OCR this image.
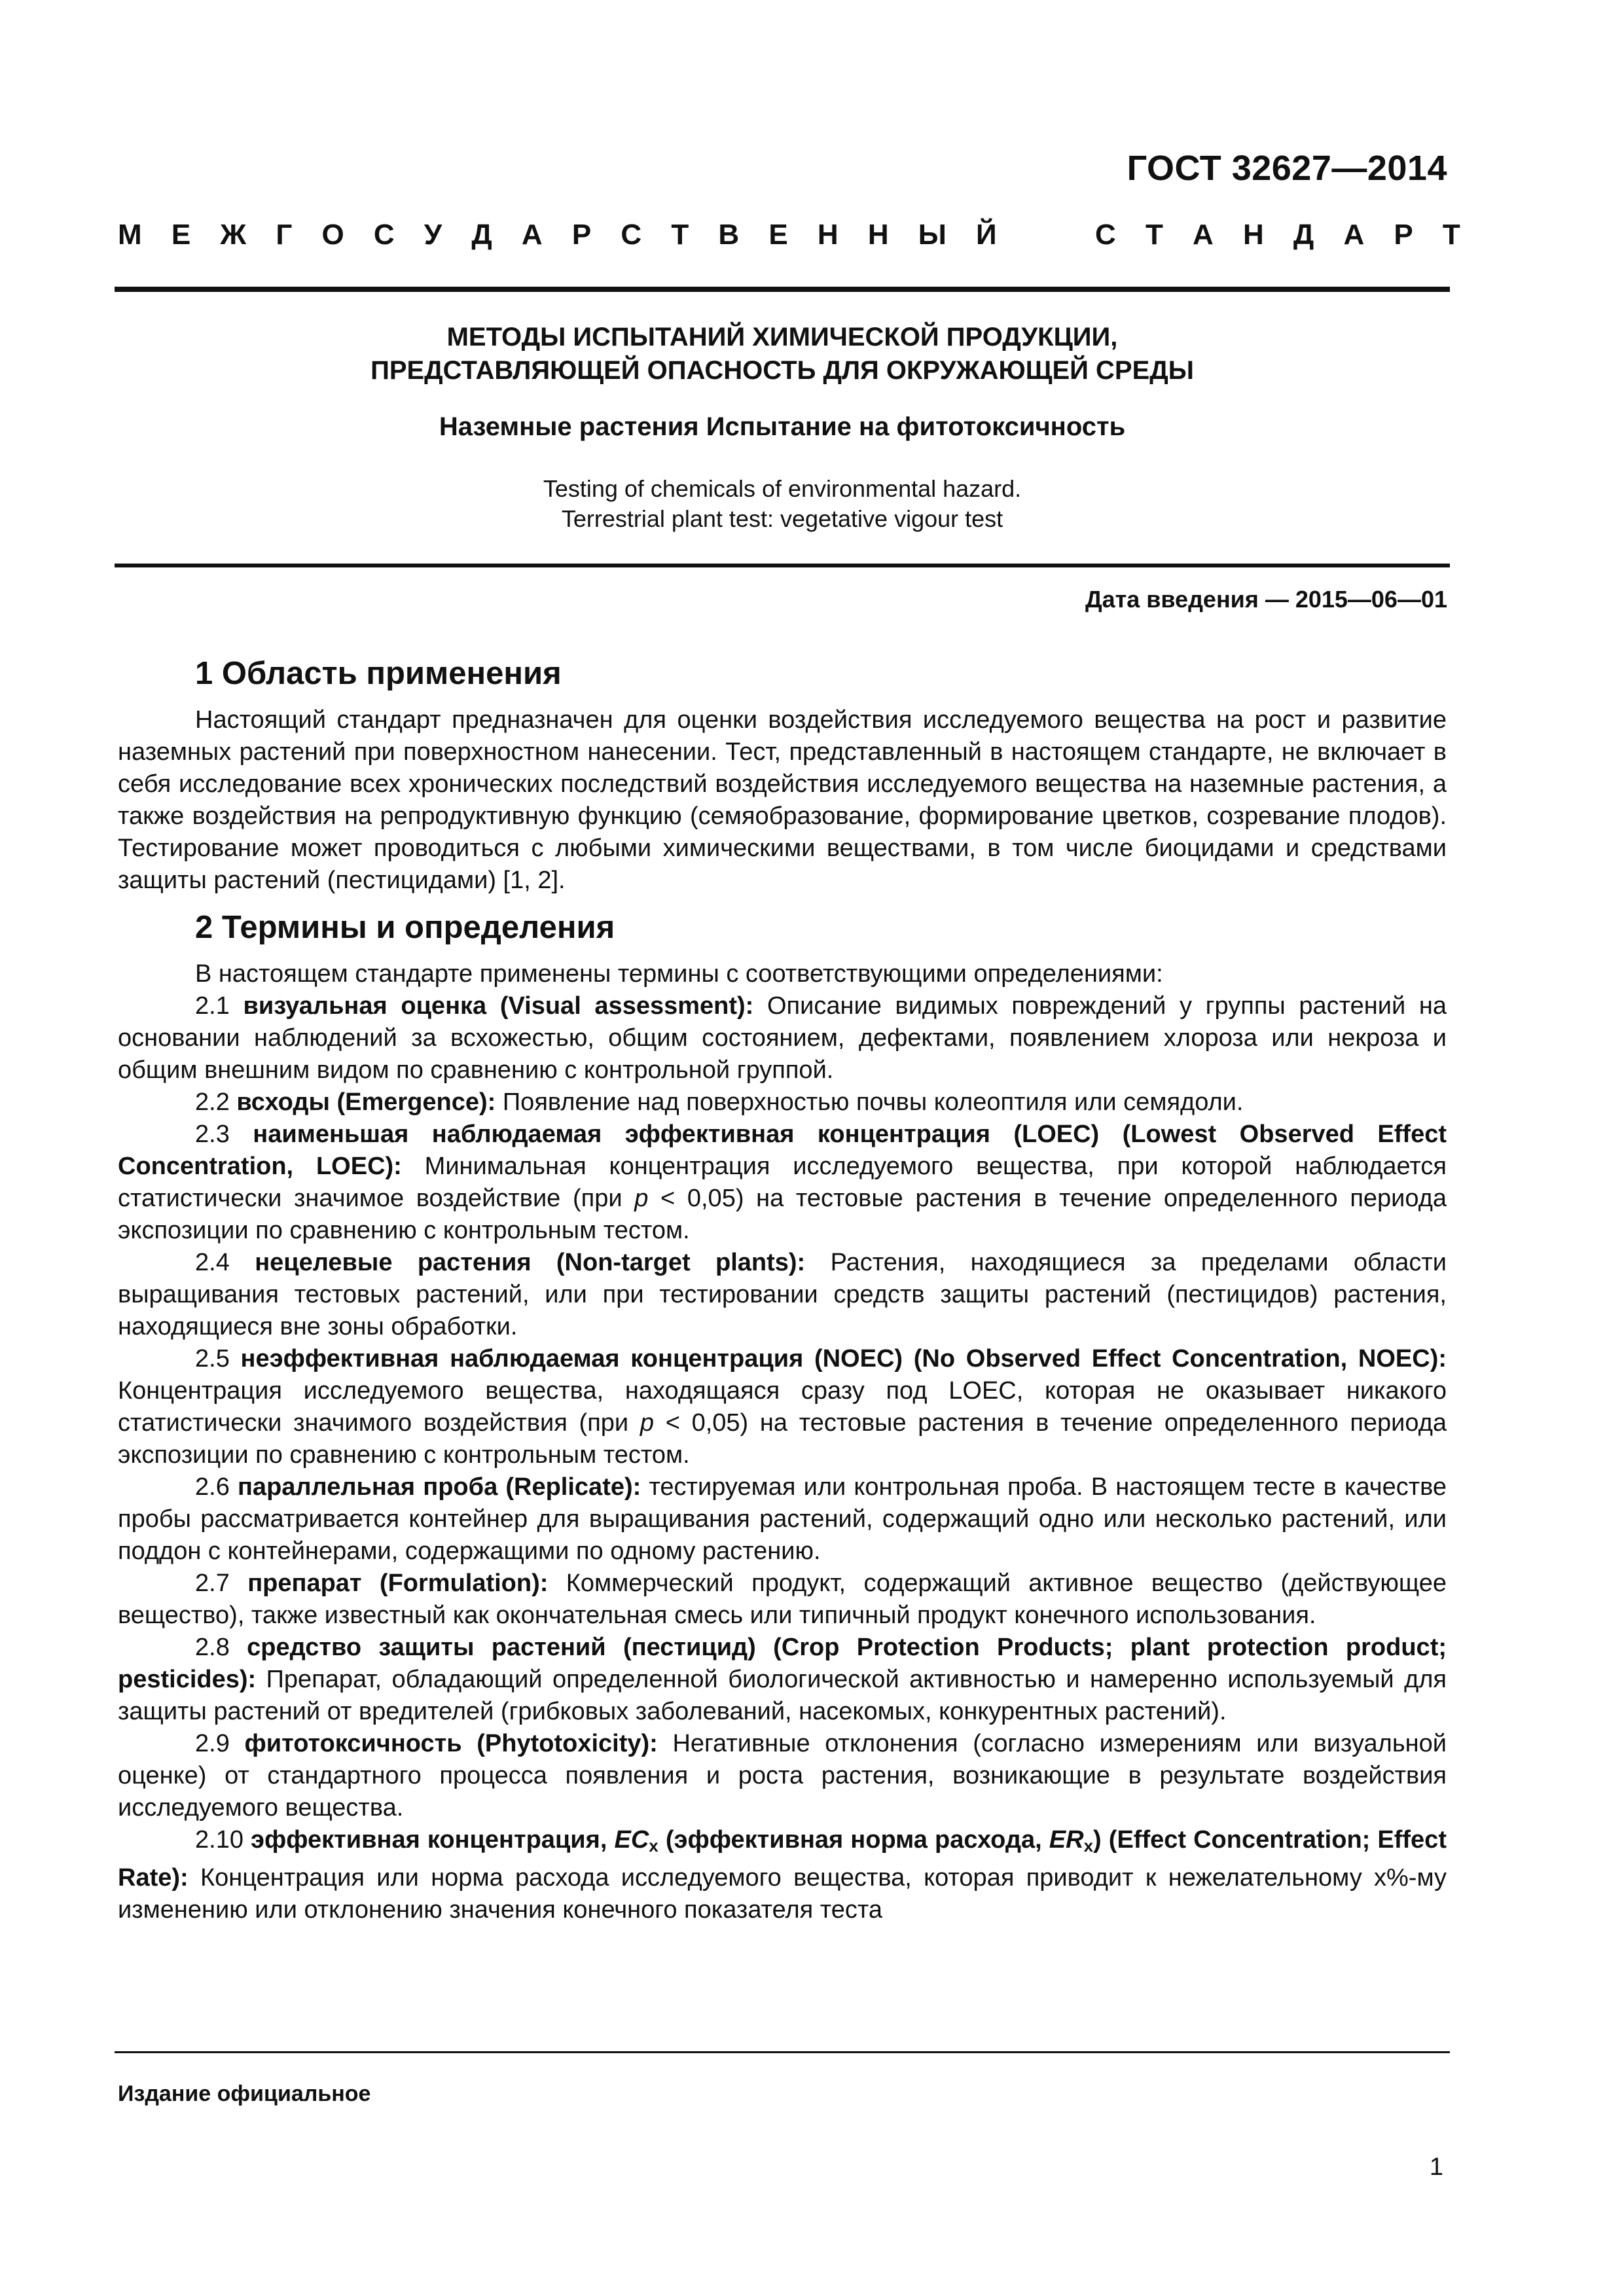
ГОСТ 32627—2014
М Е Ж Г О С У Д А Р С Т В Е Н Н Ы Й	С Т А Н Д А Р Т
МЕТОДЫ ИСПЫТАНИЙ ХИМИЧЕСКОЙ ПРОДУКЦИИ,
ПРЕДСТАВЛЯЮЩЕЙ ОПАСНОСТЬ ДЛЯ ОКРУЖАЮЩЕЙ СРЕДЫ
Наземные растения Испытание на фитотоксичность
Testing of chemicals of environmental hazard.
Terrestrial plant test: vegetative vigour test
Дата введения — 2015—06—01
1 Область применения

Настоящий стандарт предназначен для оценки воздействия исследуемого вещества на рост и развитие наземных растений при поверхностном нанесении. Тест, представленный в настоящем стандарте, не включает в себя исследование всех хронических последствий воздействия исследуемого вещества на наземные растения, а также воздействия на репродуктивную функцию (семяобразование, формирование цветков, созревание плодов). Тестирование может проводиться с любыми химическими веществами, в том числе биоцидами и средствами защиты растений (пестицидами) [1, 2].

2 Термины и определения

В настоящем стандарте применены термины с соответствующими определениями:

2.1 визуальная оценка (Visual assessment): Описание видимых повреждений у группы растений на основании наблюдений за всхожестью, общим состоянием, дефектами, появлением хлороза или некроза и общим внешним видом по сравнению с контрольной группой.

2.2 всходы (Emergence): Появление над поверхностью почвы колеоптиля или семядоли.

2.3 наименьшая наблюдаемая эффективная концентрация (LOEC) (Lowest Observed Effect Concentration, LOEC): Минимальная концентрация исследуемого вещества, при которой наблюдается статистически значимое воздействие (при p < 0,05) на тестовые растения в течение определенного периода экспозиции по сравнению с контрольным тестом.

2.4 нецелевые растения (Non-target plants): Растения, находящиеся за пределами области выращивания тестовых растений, или при тестировании средств защиты растений (пестицидов) растения, находящиеся вне зоны обработки.

2.5 неэффективная наблюдаемая концентрация (NOEC) (No Observed Effect Concentration, NOEC): Концентрация исследуемого вещества, находящаяся сразу под LOEC, которая не оказывает никакого статистически значимого воздействия (при p < 0,05) на тестовые растения в течение определенного периода экспозиции по сравнению с контрольным тестом.

2.6 параллельная проба (Replicate): тестируемая или контрольная проба. В настоящем тесте в качестве пробы рассматривается контейнер для выращивания растений, содержащий одно или несколько растений, или поддон с контейнерами, содержащими по одному растению.

2.7 препарат (Formulation): Коммерческий продукт, содержащий активное вещество (действующее вещество), также известный как окончательная смесь или типичный продукт конечного использования.

2.8 средство защиты растений (пестицид) (Crop Protection Products; plant protection product; pesticides): Препарат, обладающий определенной биологической активностью и намеренно используемый для защиты растений от вредителей (грибковых заболеваний, насекомых, конкурентных растений).

2.9 фитотоксичность (Phytotoxicity): Негативные отклонения (согласно измерениям или визуальной оценке) от стандартного процесса появления и роста растения, возникающие в результате воздействия исследуемого вещества.

2.10 эффективная концентрация, $EC_x$ (эффективная норма расхода, $ER_x$) (Effect Concentration; Effect Rate): Концентрация или норма расхода исследуемого вещества, которая приводит к нежелательному х%-му изменению или отклонению значения конечного показателя теста

Издание официальное
1
